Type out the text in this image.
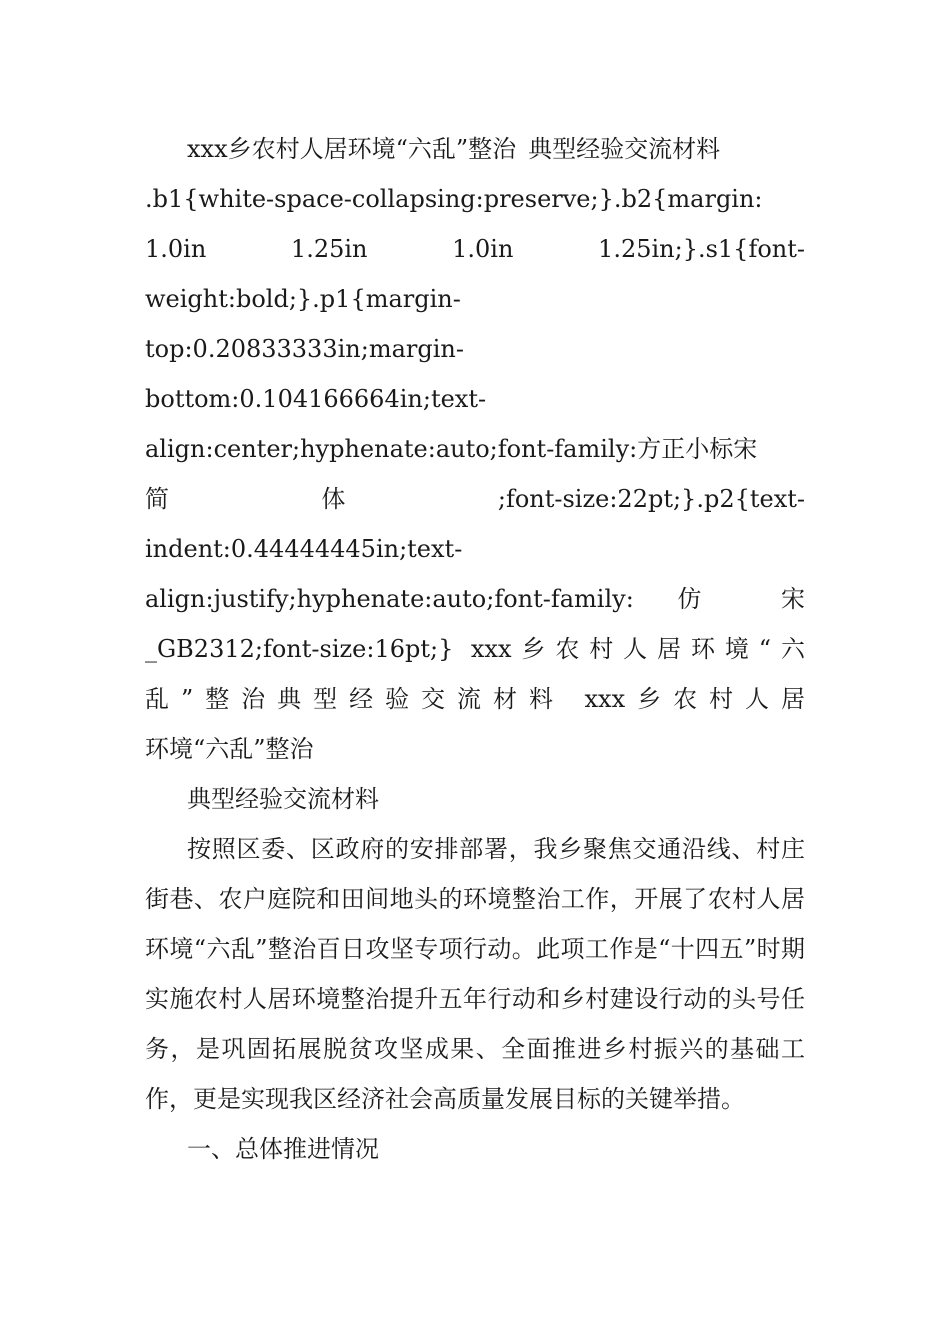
xxx乡农村人居环境“六乱”整治 典型经验交流材料

.b1{white-space-collapsing:preserve;}.b2{margin:
1.0in 1.25in 1.0in 1.25in;}.s1{font-
weight:bold;}.p1{margin-
top:0.20833333in;margin-
bottom:0.104166664in;text-
align:center;hyphenate:auto;font-family:方正小标宋
简 体 ;font-size:22pt;}.p2{text-
indent:0.44444445in;text-
align:justify;hyphenate:auto;font-family: 仿 宋
_GB2312;font-size:16pt;} xxx乡农村人居环境“六
乱”整治典型经验交流材料 xxx乡农村人居
环境“六乱”整治

典型经验交流材料

按照区委、区政府的安排部署，我乡聚焦交通沿线、村庄街巷、农户庭院和田间地头的环境整治工作，开展了农村人居环境“六乱”整治百日攻坚专项行动。此项工作是“十四五”时期实施农村人居环境整治提升五年行动和乡村建设行动的头号任务，是巩固拓展脱贫攻坚成果、全面推进乡村振兴的基础工作，更是实现我区经济社会高质量发展目标的关键举措。

一、总体推进情况
